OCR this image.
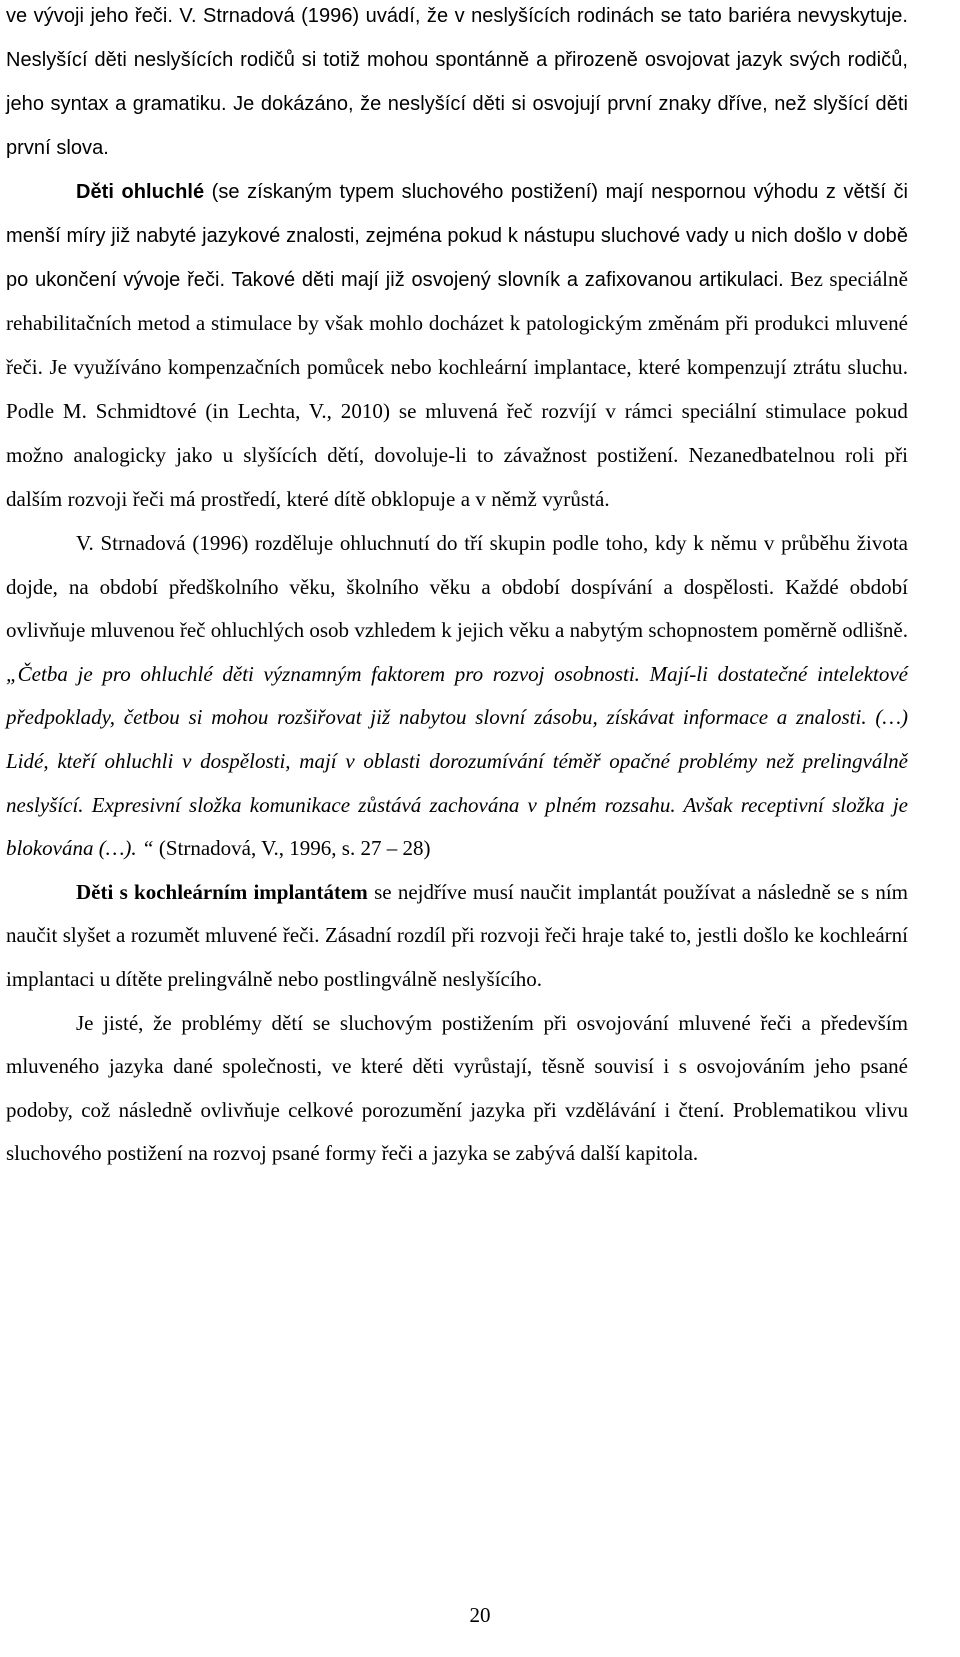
ve vývoji jeho řeči. V. Strnadová (1996) uvádí, že v neslyšících rodinách se tato bariéra nevyskytuje. Neslyšící děti neslyšících rodičů si totiž mohou spontánně a přirozeně osvojovat jazyk svých rodičů, jeho syntax a gramatiku. Je dokázáno, že neslyšící děti si osvojují první znaky dříve, než slyšící děti první slova.

Děti ohluchlé (se získaným typem sluchového postižení) mají nespornou výhodu z větší či menší míry již nabyté jazykové znalosti, zejména pokud k nástupu sluchové vady u nich došlo v době po ukončení vývoje řeči. Takové děti mají již osvojený slovník a zafixovanou artikulaci. Bez speciálně rehabilitačních metod a stimulace by však mohlo docházet k patologickým změnám při produkci mluvené řeči. Je využíváno kompenzačních pomůcek nebo kochleární implantace, které kompenzují ztrátu sluchu. Podle M. Schmidtové (in Lechta, V., 2010) se mluvená řeč rozvíjí v rámci speciální stimulace pokud možno analogicky jako u slyšících dětí, dovoluje-li to závažnost postižení. Nezanedbatelnou roli při dalším rozvoji řeči má prostředí, které dítě obklopuje a v němž vyrůstá.

V. Strnadová (1996) rozděluje ohluchnutí do tří skupin podle toho, kdy k němu v průběhu života dojde, na období předškolního věku, školního věku a období dospívání a dospělosti. Každé období ovlivňuje mluvenou řeč ohluchlých osob vzhledem k jejich věku a nabytým schopnostem poměrně odlišně. „Četba je pro ohluchlé děti významným faktorem pro rozvoj osobnosti. Mají-li dostatečné intelektové předpoklady, četbou si mohou rozšiřovat již nabytou slovní zásobu, získávat informace a znalosti. (…) Lidé, kteří ohluchli v dospělosti, mají v oblasti dorozumívání téměř opačné problémy než prelingválně neslyšící. Expresivní složka komunikace zůstává zachována v plném rozsahu. Avšak receptivní složka je blokována (…). “ (Strnadová, V., 1996, s. 27 – 28)

Děti s kochleárním implantátem se nejdříve musí naučit implantát používat a následně se s ním naučit slyšet a rozumět mluvené řeči. Zásadní rozdíl při rozvoji řeči hraje také to, jestli došlo ke kochleární implantaci u dítěte prelingválně nebo postlingválně neslyšícího.

Je jisté, že problémy dětí se sluchovým postižením při osvojování mluvené řeči a především mluveného jazyka dané společnosti, ve které děti vyrůstají, těsně souvisí i s osvojováním jeho psané podoby, což následně ovlivňuje celkové porozumění jazyka při vzdělávání i čtení. Problematikou vlivu sluchového postižení na rozvoj psané formy řeči a jazyka se zabývá další kapitola.

20
